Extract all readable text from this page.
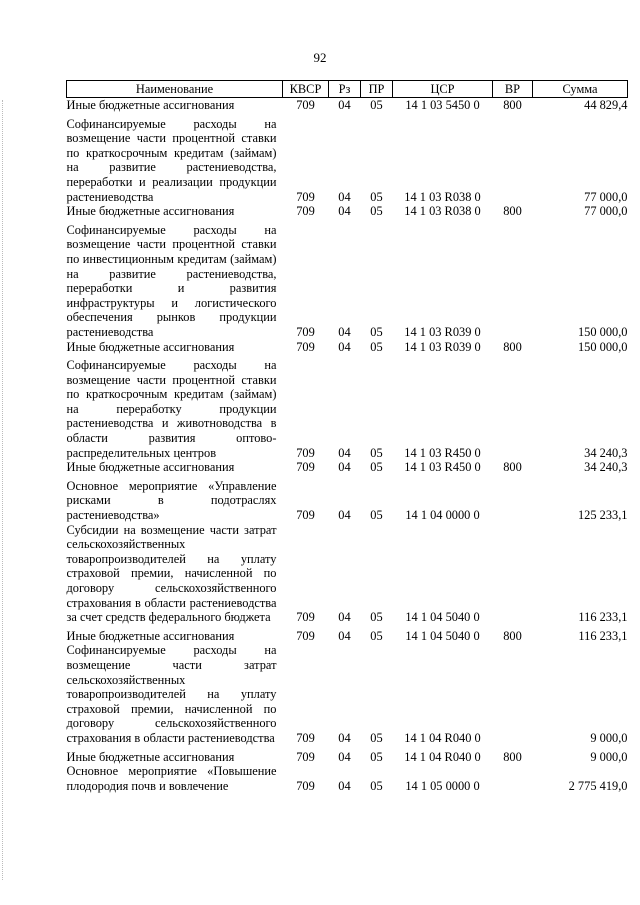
92
Наименование	КВСР	Рз	ПР	ЦСР	ВР	Сумма
Иные бюджетные ассигнования	709	04	05	14 1 03 5450 0	800	44 829,4
Софинансируемые расходы на возмещение части процентной ставки по краткосрочным кредитам (займам) на развитие растениеводства, переработки и реализации продукции растениеводства	709	04	05	14 1 03 R038 0		77 000,0
Иные бюджетные ассигнования	709	04	05	14 1 03 R038 0	800	77 000,0
Софинансируемые расходы на возмещение части процентной ставки по инвестиционным кредитам (займам) на развитие растениеводства, переработки и развития инфраструктуры и логистического обеспечения рынков продукции растениеводства	709	04	05	14 1 03 R039 0		150 000,0
Иные бюджетные ассигнования	709	04	05	14 1 03 R039 0	800	150 000,0
Софинансируемые расходы на возмещение части процентной ставки по краткосрочным кредитам (займам) на переработку продукции растениеводства и животноводства в области развития оптово-распределительных центров	709	04	05	14 1 03 R450 0		34 240,3
Иные бюджетные ассигнования	709	04	05	14 1 03 R450 0	800	34 240,3
Основное мероприятие «Управление рисками в подотраслях растениеводства»	709	04	05	14 1 04 0000 0		125 233,1
Субсидии на возмещение части затрат сельскохозяйственных товаропроизводителей на уплату страховой премии, начисленной по договору сельскохозяйственного страхования в области растениеводства за счет средств федерального бюджета	709	04	05	14 1 04 5040 0		116 233,1
Иные бюджетные ассигнования	709	04	05	14 1 04 5040 0	800	116 233,1
Софинансируемые расходы на возмещение части затрат сельскохозяйственных товаропроизводителей на уплату страховой премии, начисленной по договору сельскохозяйственного страхования в области растениеводства	709	04	05	14 1 04 R040 0		9 000,0
Иные бюджетные ассигнования	709	04	05	14 1 04 R040 0	800	9 000,0
Основное мероприятие «Повышение плодородия почв и вовлечение	709	04	05	14 1 05 0000 0		2 775 419,0
